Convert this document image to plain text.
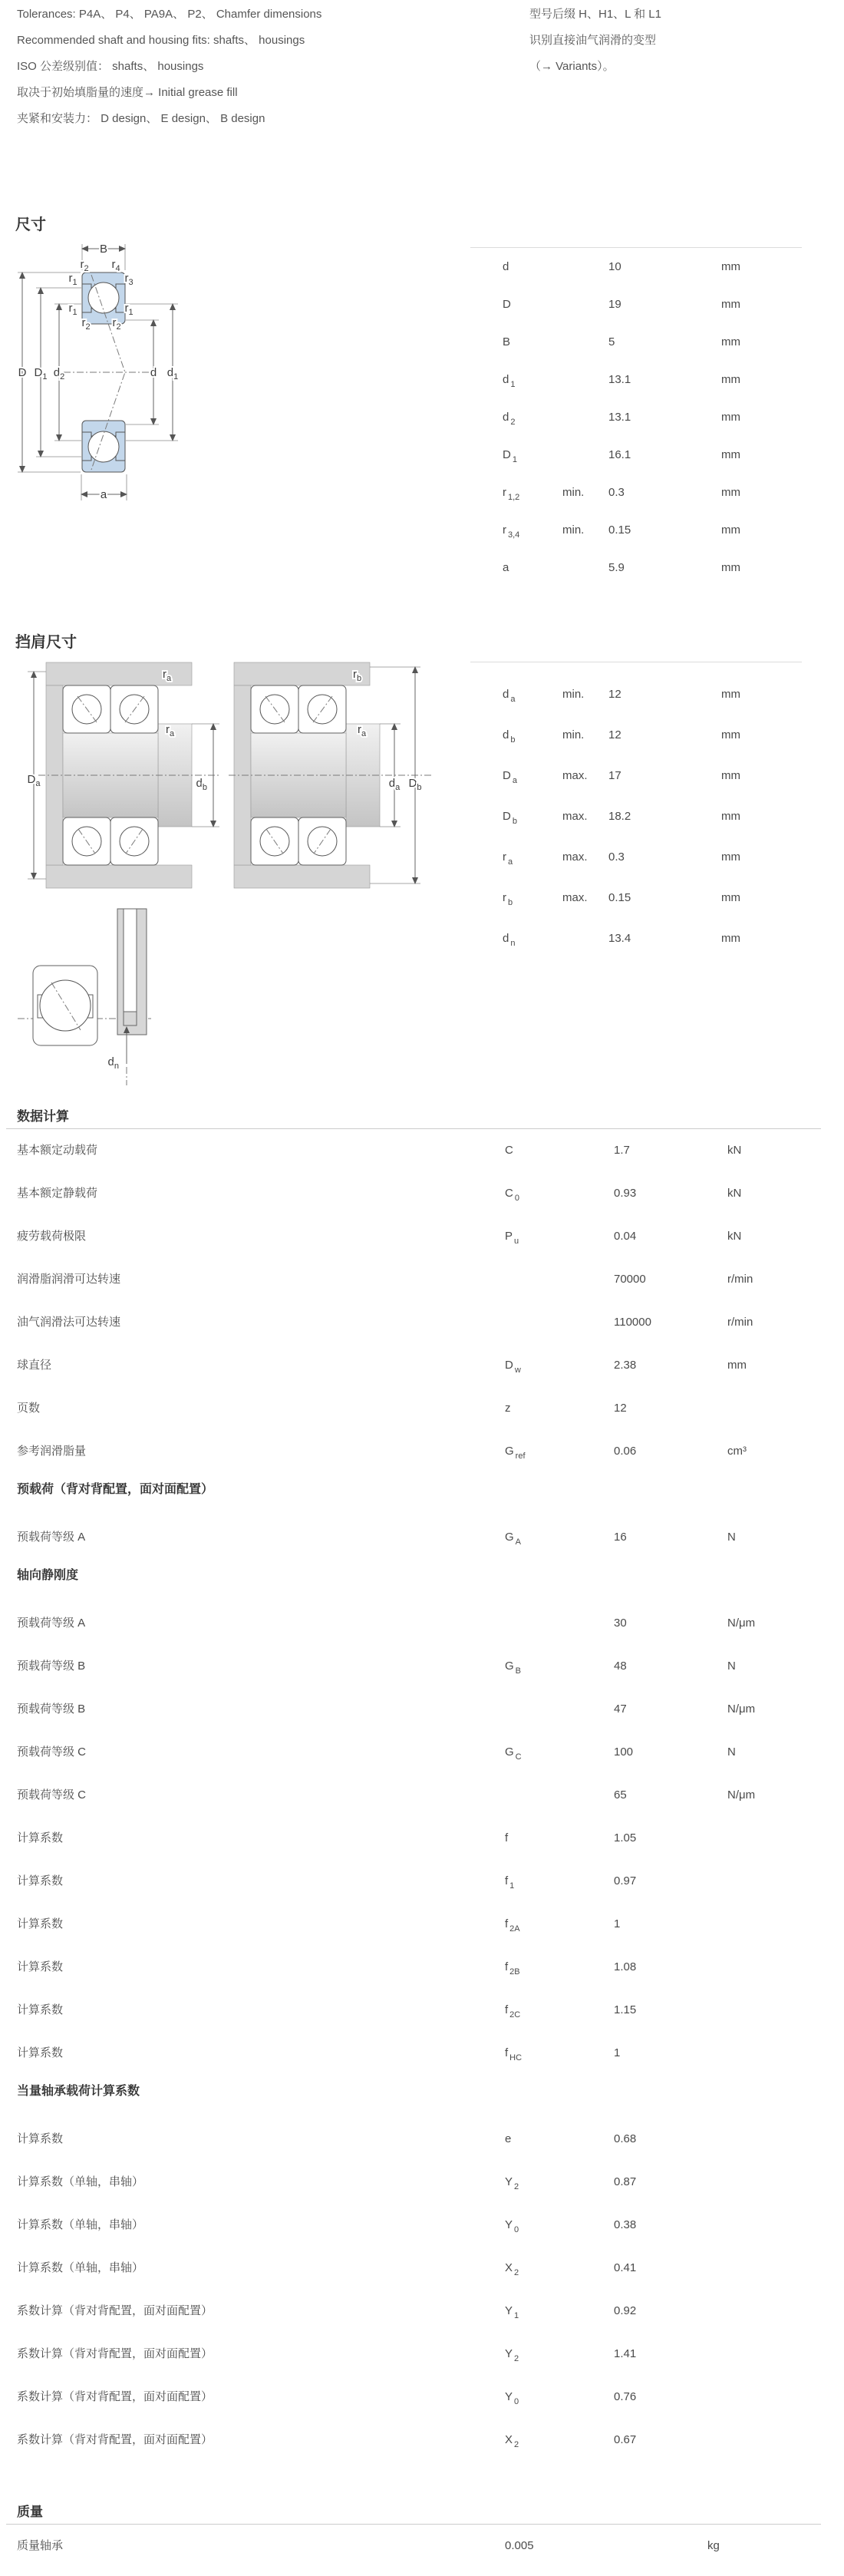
Tolerances: P4A、 P4、 PA9A、 P2、 Chamfer dimensions
Recommended shaft and housing fits: shafts、 housings
ISO 公差级别值： shafts、 housings
取决于初始填脂量的速度→ Initial grease fill
夹紧和安装力： D design、 E design、 B design
型号后缀 H、H1、L 和 L1
识别直接油气润滑的变型
（→ Variants）。
尺寸
B
a
D $D_1$ $d_2$	d $d_1$
$r_2$ $r_4$
$r_1$	$r_3$
$r_1$	$r_1$
$r_2$ $r_2$
d	10	mm
D	19	mm
B	5	mm
d $_1$	13.1	mm
d $_2$	13.1	mm
D $_1$	16.1	mm
r $_{1,2}$	min. 0.3	mm
r $_{3,4}$	min. 0.15	mm
a	5.9	mm
挡肩尺寸
$D_a$	$d_b$
$r_a$
$r_a$
$d_a$ $D_b$
$r_b$
$r_a$
d $_a$	min. 12	mm
d $_b$	min. 12	mm
D $_a$	max. 17	mm
D $_b$	max. 18.2	mm
r $_a$	max. 0.3	mm
r $_b$	max. 0.15	mm
d $_n$	13.4	mm
$d_n$
数据计算
基本额定动载荷	C	1.7	kN
基本额定静载荷	C $_0$	0.93	kN
疲劳载荷极限	P $_u$	0.04	kN
润滑脂润滑可达转速	70000	r/min
油气润滑法可达转速	110000	r/min
球直径	D $_w$	2.38	mm
页数	z	12
参考润滑脂量	G $_{ref}$	0.06	cm³
预载荷（背对背配置，面对面配置）
预载荷等级 A	G $_A$	16	N
轴向静刚度
预载荷等级 A	30	N/μm
预载荷等级 B	G $_B$	48	N
预载荷等级 B	47	N/μm
预载荷等级 C	G $_C$	100	N
预载荷等级 C	65	N/μm
计算系数	f	1.05
计算系数	f $_1$	0.97
计算系数	f $_{2A}$	1
计算系数	f $_{2B}$	1.08
计算系数	f $_{2C}$	1.15
计算系数	f $_{HC}$	1
当量轴承载荷计算系数
计算系数	e	0.68
计算系数（单轴，串轴）	Y $_2$	0.87
计算系数（单轴，串轴）	Y $_0$	0.38
计算系数（单轴，串轴）	X $_2$	0.41
系数计算（背对背配置，面对面配置）	Y $_1$	0.92
系数计算（背对背配置，面对面配置）	Y $_2$	1.41
系数计算（背对背配置，面对面配置）	Y $_0$	0.76
系数计算（背对背配置，面对面配置）	X $_2$	0.67
质量
质量轴承	0.005	kg
